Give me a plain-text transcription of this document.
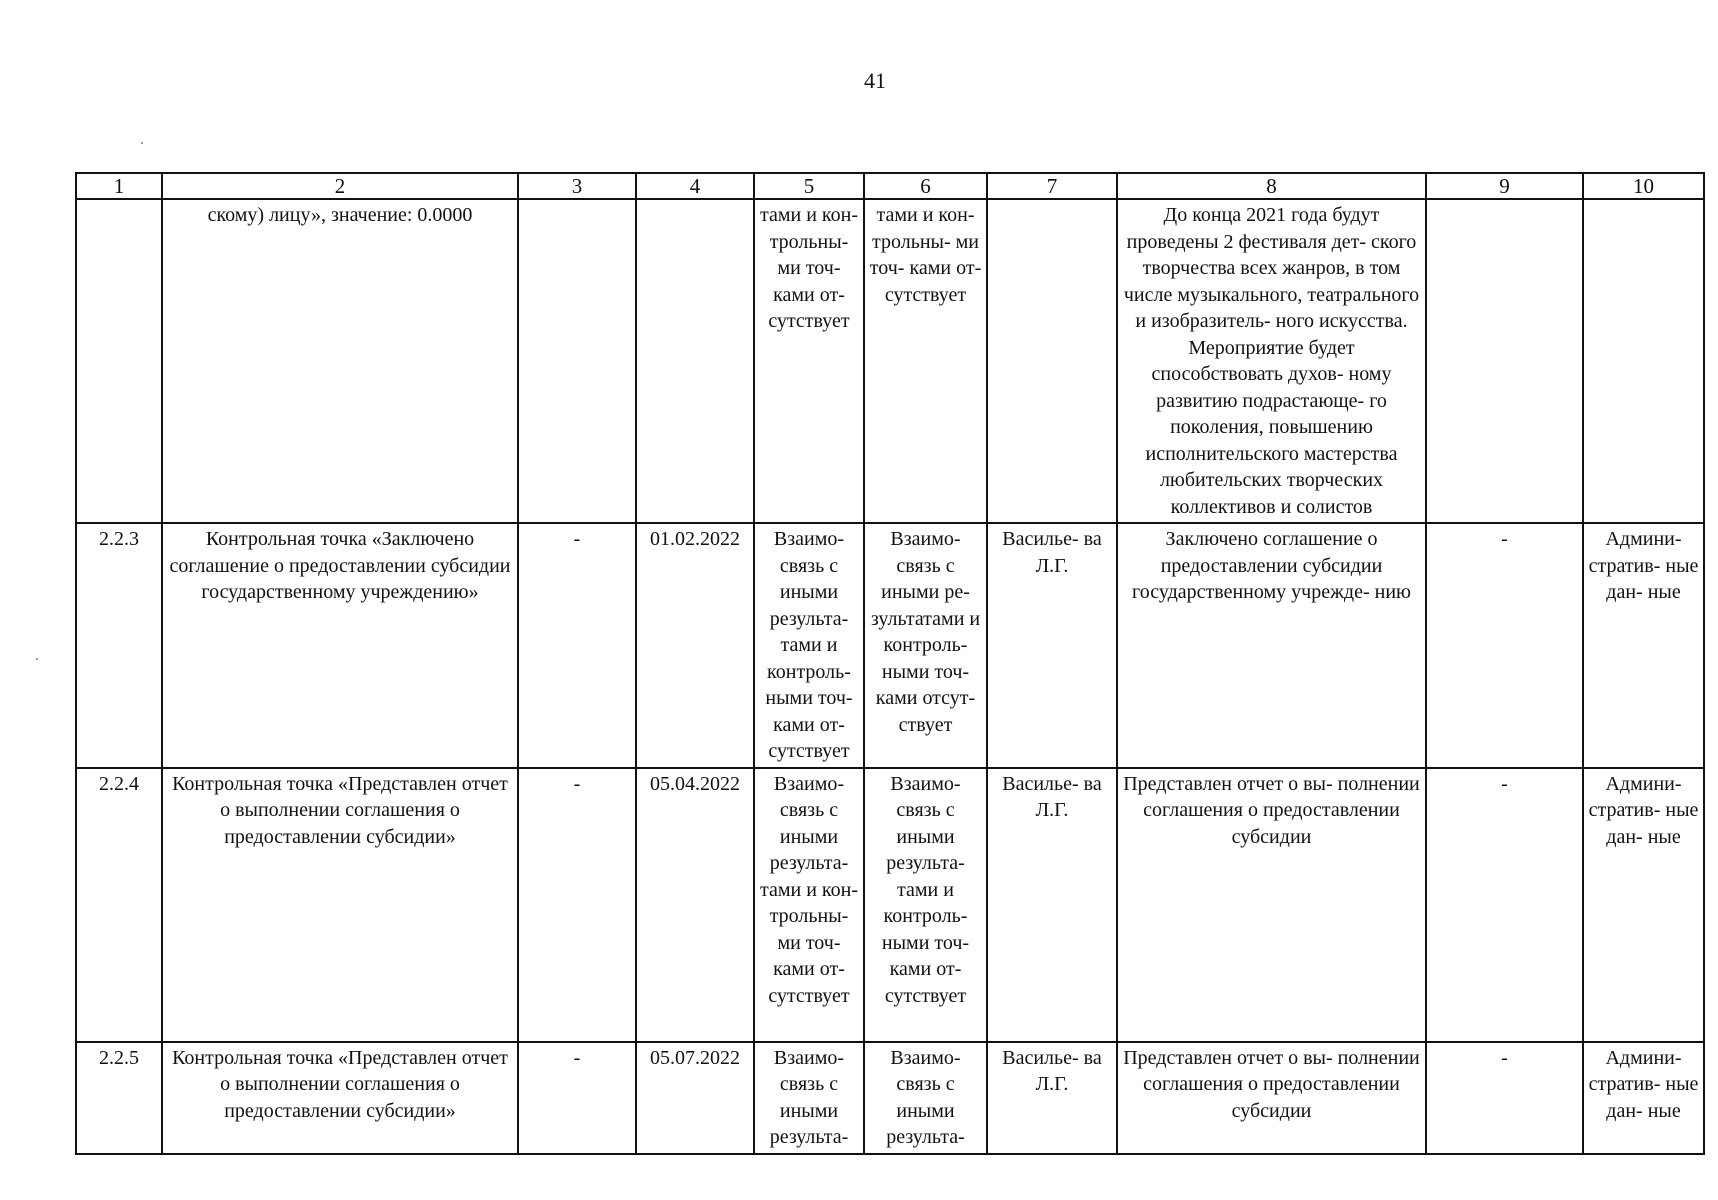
41
1	2	3	4	5	6	7	8	9	10
	скому) лицу», значение: 0.0000			тами и кон- трольны- ми точ- ками от- сутствует	тами и кон- трольны- ми точ- ками от- сутствует		До конца 2021 года будут проведены 2 фестиваля дет- ского творчества всех жанров, в том числе музыкального, театрального и изобразитель- ного искусства. Мероприятие будет способствовать духов- ному развитию подрастающе- го поколения, повышению исполнительского мастерства любительских творческих коллективов и солистов		
2.2.3	Контрольная точка «Заключено соглашение о предоставлении субсидии государственному учреждению»	-	01.02.2022	Взаимо- связь с иными результа- тами и контроль- ными точ- ками от- сутствует	Взаимо- связь с иными ре- зультатами и контроль- ными точ- ками отсут- ствует	Василье- ва Л.Г.	Заключено соглашение о предоставлении субсидии государственному учрежде- нию	-	Админи- стратив- ные дан- ные
2.2.4	Контрольная точка «Представлен отчет о выполнении соглашения о предоставлении субсидии»	-	05.04.2022	Взаимо- связь с иными результа- тами и кон- трольны- ми точ- ками от- сутствует	Взаимо- связь с иными результа- тами и контроль- ными точ- ками от- сутствует	Василье- ва Л.Г.	Представлен отчет о вы- полнении соглашения о предоставлении субсидии	-	Админи- стратив- ные дан- ные
2.2.5	Контрольная точка «Представлен отчет о выполнении соглашения о предоставлении субсидии»	-	05.07.2022	Взаимо- связь с иными результа-	Взаимо- связь с иными результа-	Василье- ва Л.Г.	Представлен отчет о вы- полнении соглашения о предоставлении субсидии	-	Админи- стратив- ные дан- ные
